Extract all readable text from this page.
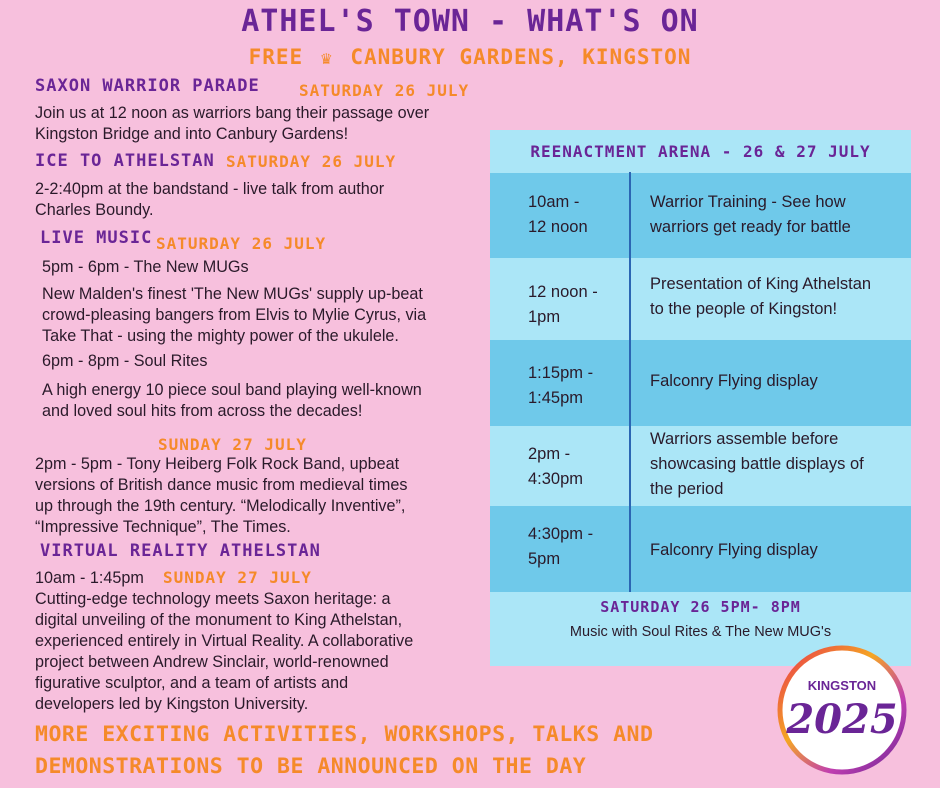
ATHEL'S TOWN - WHAT'S ON
FREE ♛ CANBURY GARDENS, KINGSTON
SAXON WARRIOR PARADE SATURDAY 26 JULY
Join us at 12 noon as warriors bang their passage over
Kingston Bridge and into Canbury Gardens!
ICE TO ATHELSTAN SATURDAY 26 JULY
2-2:40pm at the bandstand - live talk from author
Charles Boundy.
LIVE MUSIC SATURDAY 26 JULY
5pm - 6pm - The New MUGs
New Malden's finest 'The New MUGs' supply up-beat
crowd-pleasing bangers from Elvis to Mylie Cyrus, via
Take That - using the mighty power of the ukulele.
6pm - 8pm - Soul Rites
A high energy 10 piece soul band playing well-known
and loved soul hits from across the decades!
SUNDAY 27 JULY
2pm - 5pm - Tony Heiberg Folk Rock Band, upbeat
versions of British dance music from medieval times
up through the 19th century. “Melodically Inventive”,
“Impressive Technique”, The Times.
VIRTUAL REALITY ATHELSTAN
10am - 1:45pm SUNDAY 27 JULY
Cutting-edge technology meets Saxon heritage: a
digital unveiling of the monument to King Athelstan,
experienced entirely in Virtual Reality. A collaborative
project between Andrew Sinclair, world-renowned
figurative sculptor, and a team of artists and
developers led by Kingston University.
REENACTMENT ARENA - 26 & 27 JULY
10am -
12 noon
Warrior Training - See how
warriors get ready for battle
12 noon -
1pm
Presentation of King Athelstan
to the people of Kingston!
1:15pm -
1:45pm
Falconry Flying display
2pm -
4:30pm
Warriors assemble before
showcasing battle displays of
the period
4:30pm -
5pm	Falconry Flying display
SATURDAY 26 5PM- 8PM
Music with Soul Rites & The New MUG's
MORE EXCITING ACTIVITIES, WORKSHOPS, TALKS AND
DEMONSTRATIONS TO BE ANNOUNCED ON THE DAY
KINGSTON
2025
